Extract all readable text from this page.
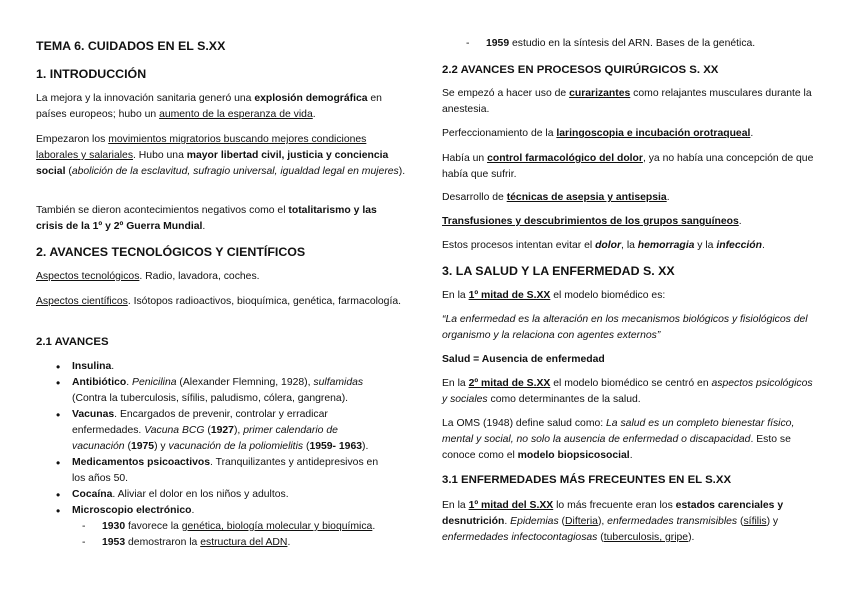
TEMA 6. CUIDADOS EN EL S.XX
1. INTRODUCCIÓN

La mejora y la innovación sanitaria generó una explosión demográfica en países europeos; hubo un aumento de la esperanza de vida.

Empezaron los movimientos migratorios buscando mejores condiciones laborales y salariales. Hubo una mayor libertad civil, justicia y conciencia social (abolición de la esclavitud, sufragio universal, igualdad legal en mujeres).

También se dieron acontecimientos negativos como el totalitarismo y las crisis de la 1º y 2º Guerra Mundial.

2. AVANCES TECNOLÓGICOS Y CIENTÍFICOS

Aspectos tecnológicos. Radio, lavadora, coches.

Aspectos científicos. Isótopos radioactivos, bioquímica, genética, farmacología.

2.1 AVANCES
• Insulina.
• Antibiótico. Penicilina (Alexander Flemning, 1928), sulfamidas (Contra la tuberculosis, sífilis, paludismo, cólera, gangrena).
• Vacunas. Encargados de prevenir, controlar y erradicar enfermedades. Vacuna BCG (1927), primer calendario de vacunación (1975) y vacunación de la poliomielitis (1959- 1963).
• Medicamentos psicoactivos. Tranquilizantes y antidepresivos en los años 50.
• Cocaína. Aliviar el dolor en los niños y adultos.
• Microscopio electrónico.
- 1930 favorece la genética, biología molecular y bioquímica.
- 1953 demostraron la estructura del ADN.
- 1959 estudio en la síntesis del ARN. Bases de la genética.
2.2 AVANCES EN PROCESOS QUIRÚRGICOS S. XX

Se empezó a hacer uso de curarizantes como relajantes musculares durante la anestesia.

Perfeccionamiento de la laringoscopia e incubación orotraqueal.

Había un control farmacológico del dolor, ya no había una concepción de que había que sufrir.

Desarrollo de técnicas de asepsia y antisepsia.

Transfusiones y descubrimientos de los grupos sanguíneos.

Estos procesos intentan evitar el dolor, la hemorragia y la infección.

3. LA SALUD Y LA ENFERMEDAD S. XX

En la 1º mitad de S.XX el modelo biomédico es:

“La enfermedad es la alteración en los mecanismos biológicos y fisiológicos del organismo y la relaciona con agentes externos”

Salud = Ausencia de enfermedad

En la 2º mitad de S.XX el modelo biomédico se centró en aspectos psicológicos y sociales como determinantes de la salud.

La OMS (1948) define salud como: La salud es un completo bienestar físico, mental y social, no solo la ausencia de enfermedad o discapacidad. Esto se conoce como el modelo biopsicosocial.

3.1 ENFERMEDADES MÁS FRECEUNTES EN EL S.XX

En la 1º mitad del S.XX lo más frecuente eran los estados carenciales y desnutrición. Epidemias (Difteria), enfermedades transmisibles (sífilis) y enfermedades infectocontagiosas (tuberculosis, gripe).
